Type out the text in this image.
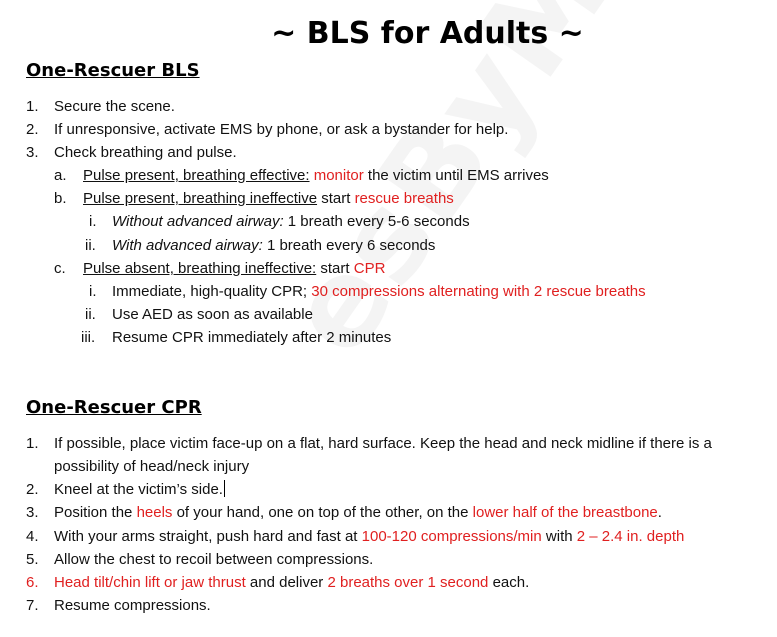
~ BLS for Adults ~
One-Rescuer BLS
1. Secure the scene.
2. If unresponsive, activate EMS by phone, or ask a bystander for help.
3. Check breathing and pulse.
a. Pulse present, breathing effective: monitor the victim until EMS arrives
b. Pulse present, breathing ineffective start rescue breaths
i. Without advanced airway: 1 breath every 5-6 seconds
ii. With advanced airway: 1 breath every 6 seconds
c. Pulse absent, breathing ineffective: start CPR
i. Immediate, high-quality CPR; 30 compressions alternating with 2 rescue breaths
ii. Use AED as soon as available
iii. Resume CPR immediately after 2 minutes
One-Rescuer CPR
1. If possible, place victim face-up on a flat, hard surface. Keep the head and neck midline if there is a
possibility of head/neck injury
2. Kneel at the victim’s side.
3. Position the heels of your hand, one on top of the other, on the lower half of the breastbone.
4. With your arms straight, push hard and fast at 100-120 compressions/min with 2 – 2.4 in. depth
5. Allow the chest to recoil between compressions.
6. Head tilt/chin lift or jaw thrust and deliver 2 breaths over 1 second each.
7. Resume compressions.
